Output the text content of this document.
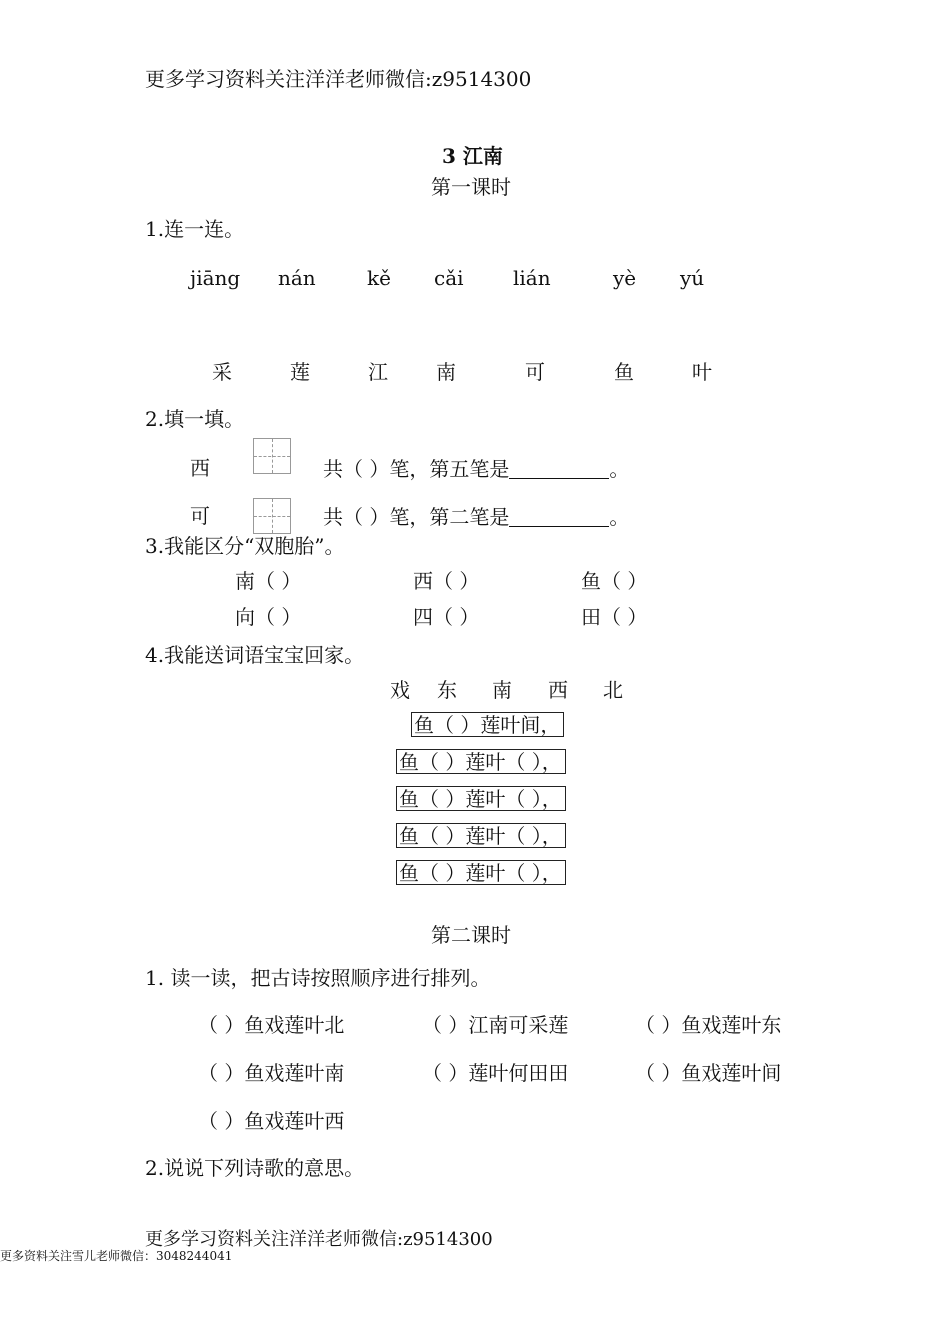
更多学习资料关注洋洋老师微信:z9514300
3 江南
第一课时
1.连一连。
jiāng nán	kě cǎi lián	yè yú
采	莲	江 南	可	鱼	叶
2.填一填。
西	共（ ）笔，第五笔是	。
可	共（ ）笔，第二笔是	。
3.我能区分“双胞胎”。
南（ ）	西（ ）	鱼（ ）
向（ ）	四（ ）	田（ ）
4.我能送词语宝宝回家。
戏 东 南 西 北
鱼（ ）莲叶间，
鱼（ ）莲叶（ ），
鱼（ ）莲叶（ ），
鱼（ ）莲叶（ ），
鱼（ ）莲叶（ ），
第二课时
1. 读一读，把古诗按照顺序进行排列。
（ ）鱼戏莲叶北	（ ）江南可采莲	（ ）鱼戏莲叶东
（ ）鱼戏莲叶南	（ ）莲叶何田田	（ ）鱼戏莲叶间
（ ）鱼戏莲叶西
2.说说下列诗歌的意思。
更多学习资料关注洋洋老师微信:z9514300
更多资料关注雪儿老师微信：3048244041
